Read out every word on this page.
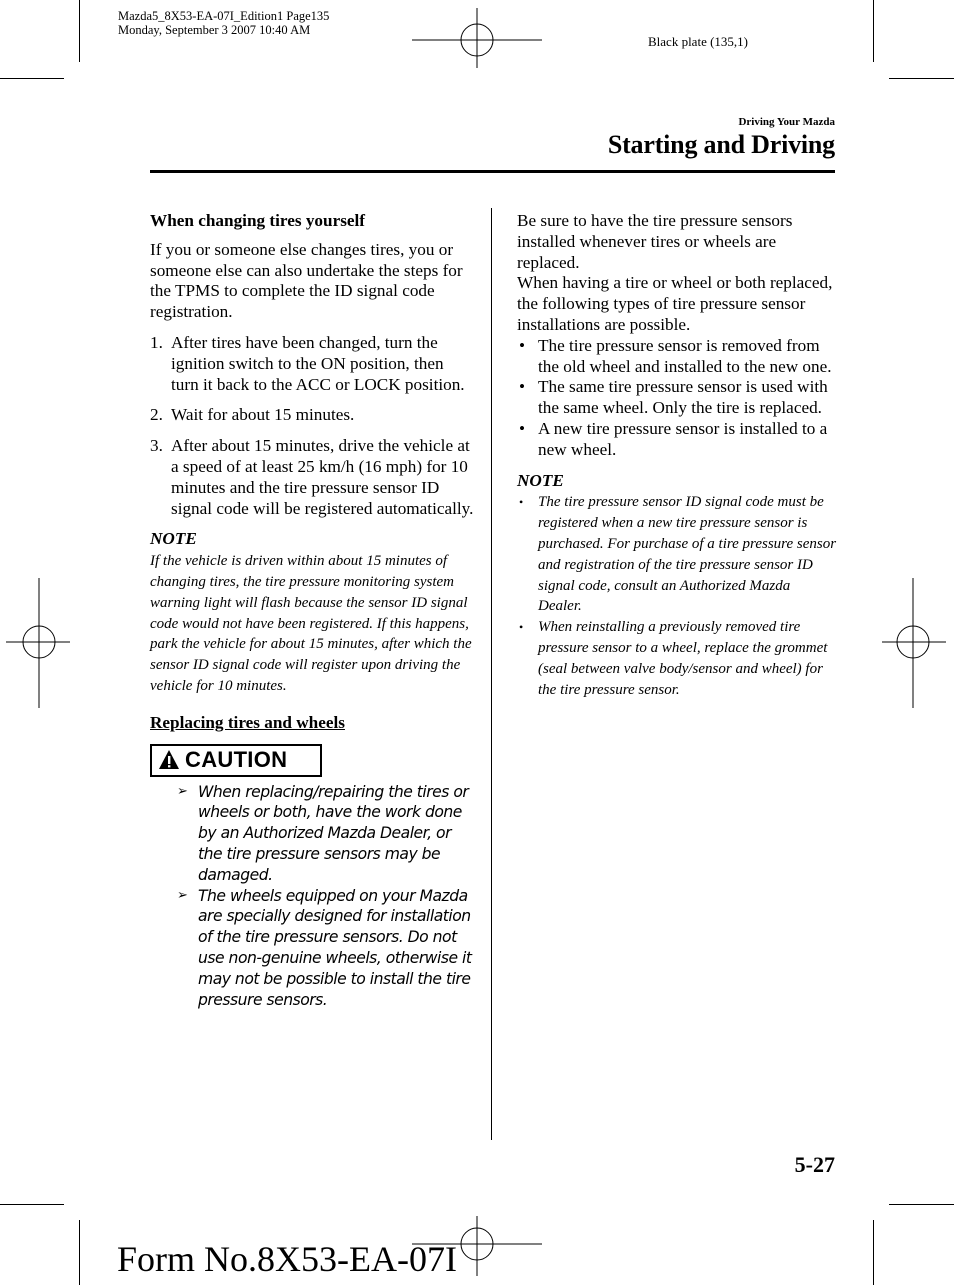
Mazda5_8X53-EA-07I_Edition1 Page135
Monday, September 3 2007 10:40 AM
Black plate (135,1)
Driving Your Mazda
Starting and Driving
When changing tires yourself
If you or someone else changes tires, you or someone else can also undertake the steps for the TPMS to complete the ID signal code registration.
1. After tires have been changed, turn the ignition switch to the ON position, then turn it back to the ACC or LOCK position.
2. Wait for about 15 minutes.
3. After about 15 minutes, drive the vehicle at a speed of at least 25 km/h (16 mph) for 10 minutes and the tire pressure sensor ID signal code will be registered automatically.
NOTE
If the vehicle is driven within about 15 minutes of changing tires, the tire pressure monitoring system warning light will flash because the sensor ID signal code would not have been registered. If this happens, park the vehicle for about 15 minutes, after which the sensor ID signal code will register upon driving the vehicle for 10 minutes.
Replacing tires and wheels
CAUTION
➢ When replacing/repairing the tires or wheels or both, have the work done by an Authorized Mazda Dealer, or the tire pressure sensors may be damaged.
➢ The wheels equipped on your Mazda are specially designed for installation of the tire pressure sensors. Do not use non-genuine wheels, otherwise it may not be possible to install the tire pressure sensors.
Be sure to have the tire pressure sensors installed whenever tires or wheels are replaced.
When having a tire or wheel or both replaced, the following types of tire pressure sensor installations are possible.
• The tire pressure sensor is removed from the old wheel and installed to the new one.
• The same tire pressure sensor is used with the same wheel. Only the tire is replaced.
• A new tire pressure sensor is installed to a new wheel.
NOTE
• The tire pressure sensor ID signal code must be registered when a new tire pressure sensor is purchased. For purchase of a tire pressure sensor and registration of the tire pressure sensor ID signal code, consult an Authorized Mazda Dealer.
• When reinstalling a previously removed tire pressure sensor to a wheel, replace the grommet (seal between valve body/sensor and wheel) for the tire pressure sensor.
5-27
Form No.8X53-EA-07I
